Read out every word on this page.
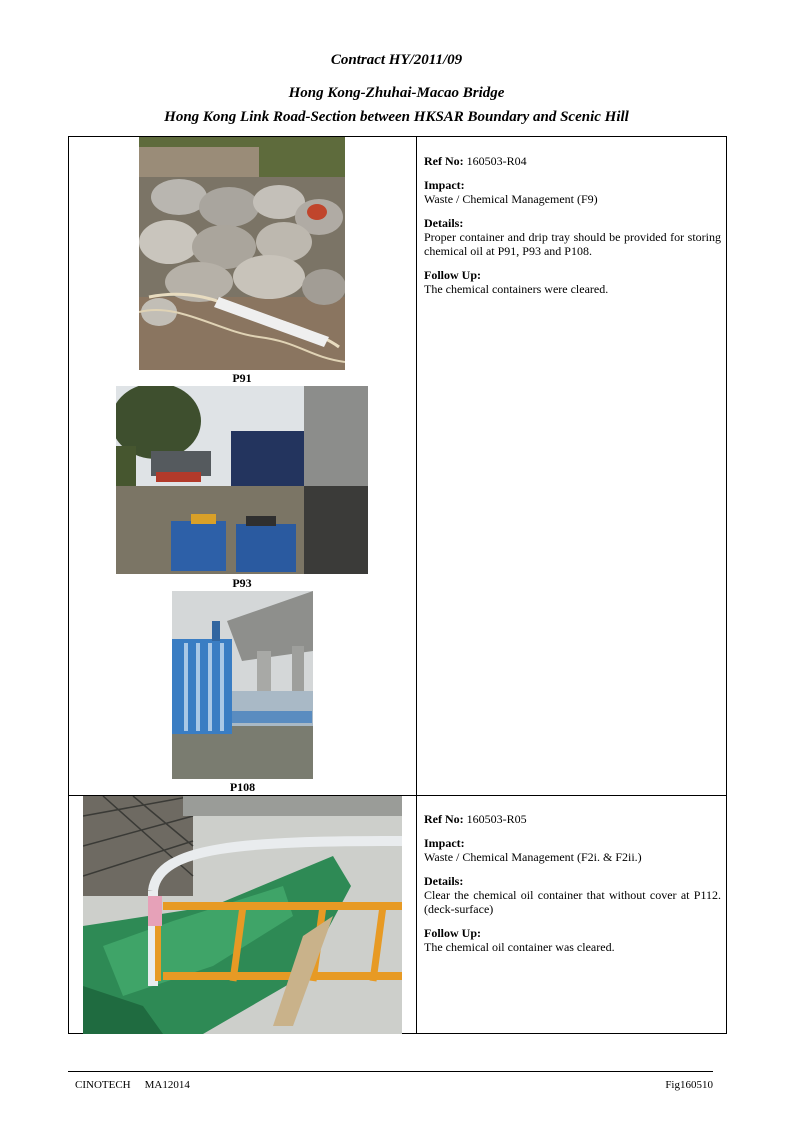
Contract HY/2011/09
Hong Kong-Zhuhai-Macao Bridge
Hong Kong Link Road-Section between HKSAR Boundary and Scenic Hill
P91
P93
P108

Ref No: 160503-R04

Impact:
Waste / Chemical Management (F9)

Details:

Proper container and drip tray should be provided for storing chemical oil at P91, P93 and P108.

Follow Up:
The chemical containers were cleared.

Ref No: 160503-R05

Impact:
Waste / Chemical Management (F2i. & F2ii.)

Details:

Clear the chemical oil container that without cover at P112. (deck-surface)

Follow Up:
The chemical oil container was cleared.

CINOTECH MA12014	Fig160510
